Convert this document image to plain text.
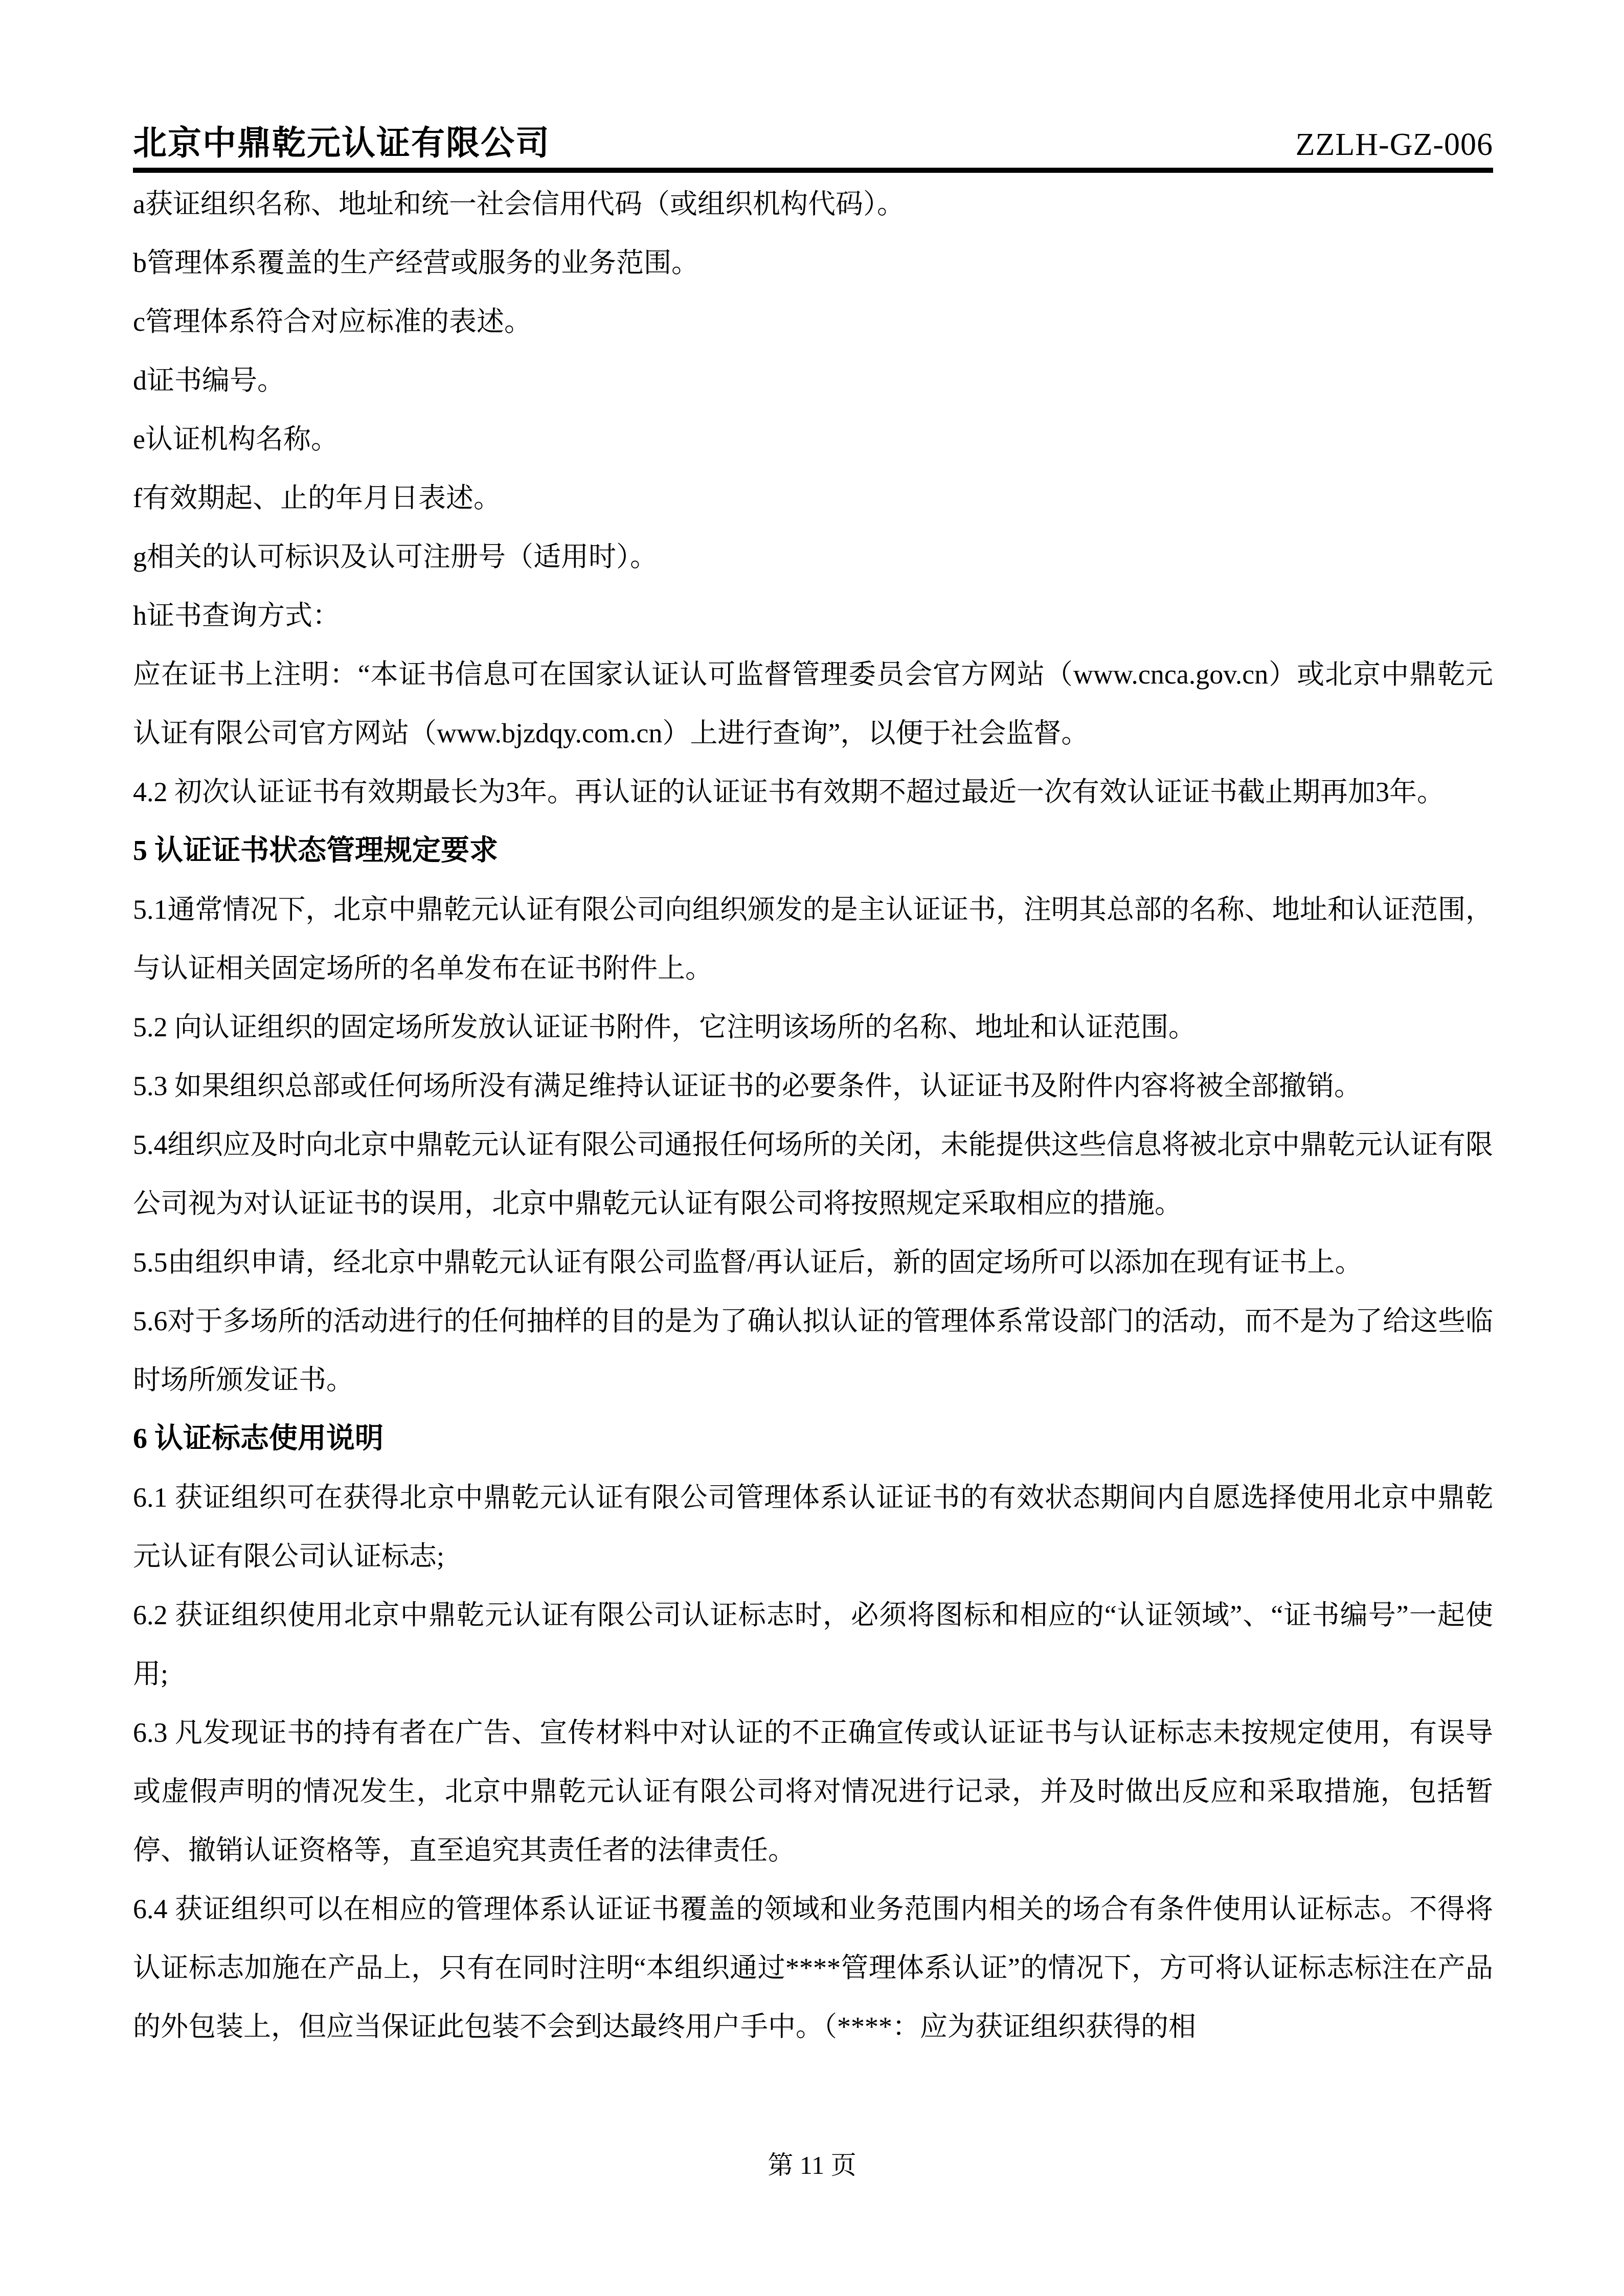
北京中鼎乾元认证有限公司	ZZLH-GZ-006

a获证组织名称、地址和统一社会信用代码（或组织机构代码）。

b管理体系覆盖的生产经营或服务的业务范围。

c管理体系符合对应标准的表述。

d证书编号。

e认证机构名称。

f有效期起、止的年月日表述。

g相关的认可标识及认可注册号（适用时）。

h证书查询方式：

应在证书上注明：“本证书信息可在国家认证认可监督管理委员会官方网站（www.cnca.gov.cn）或北京中鼎乾元认证有限公司官方网站（www.bjzdqy.com.cn）上进行查询”，以便于社会监督。

4.2 初次认证证书有效期最长为3年。再认证的认证证书有效期不超过最近一次有效认证证书截止期再加3年。

5 认证证书状态管理规定要求

5.1通常情况下，北京中鼎乾元认证有限公司向组织颁发的是主认证证书，注明其总部的名称、地址和认证范围，与认证相关固定场所的名单发布在证书附件上。

5.2 向认证组织的固定场所发放认证证书附件，它注明该场所的名称、地址和认证范围。

5.3 如果组织总部或任何场所没有满足维持认证证书的必要条件，认证证书及附件内容将被全部撤销。

5.4组织应及时向北京中鼎乾元认证有限公司通报任何场所的关闭，未能提供这些信息将被北京中鼎乾元认证有限公司视为对认证证书的误用，北京中鼎乾元认证有限公司将按照规定采取相应的措施。

5.5由组织申请，经北京中鼎乾元认证有限公司监督/再认证后，新的固定场所可以添加在现有证书上。

5.6对于多场所的活动进行的任何抽样的目的是为了确认拟认证的管理体系常设部门的活动，而不是为了给这些临时场所颁发证书。

6 认证标志使用说明

6.1 获证组织可在获得北京中鼎乾元认证有限公司管理体系认证证书的有效状态期间内自愿选择使用北京中鼎乾元认证有限公司认证标志;

6.2 获证组织使用北京中鼎乾元认证有限公司认证标志时，必须将图标和相应的“认证领域”、“证书编号”一起使用;

6.3 凡发现证书的持有者在广告、宣传材料中对认证的不正确宣传或认证证书与认证标志未按规定使用，有误导或虚假声明的情况发生，北京中鼎乾元认证有限公司将对情况进行记录，并及时做出反应和采取措施，包括暂停、撤销认证资格等，直至追究其责任者的法律责任。

6.4 获证组织可以在相应的管理体系认证证书覆盖的领域和业务范围内相关的场合有条件使用认证标志。不得将认证标志加施在产品上，只有在同时注明“本组织通过****管理体系认证”的情况下，方可将认证标志标注在产品的外包装上，但应当保证此包装不会到达最终用户手中。（****：应为获证组织获得的相

第 11 页
